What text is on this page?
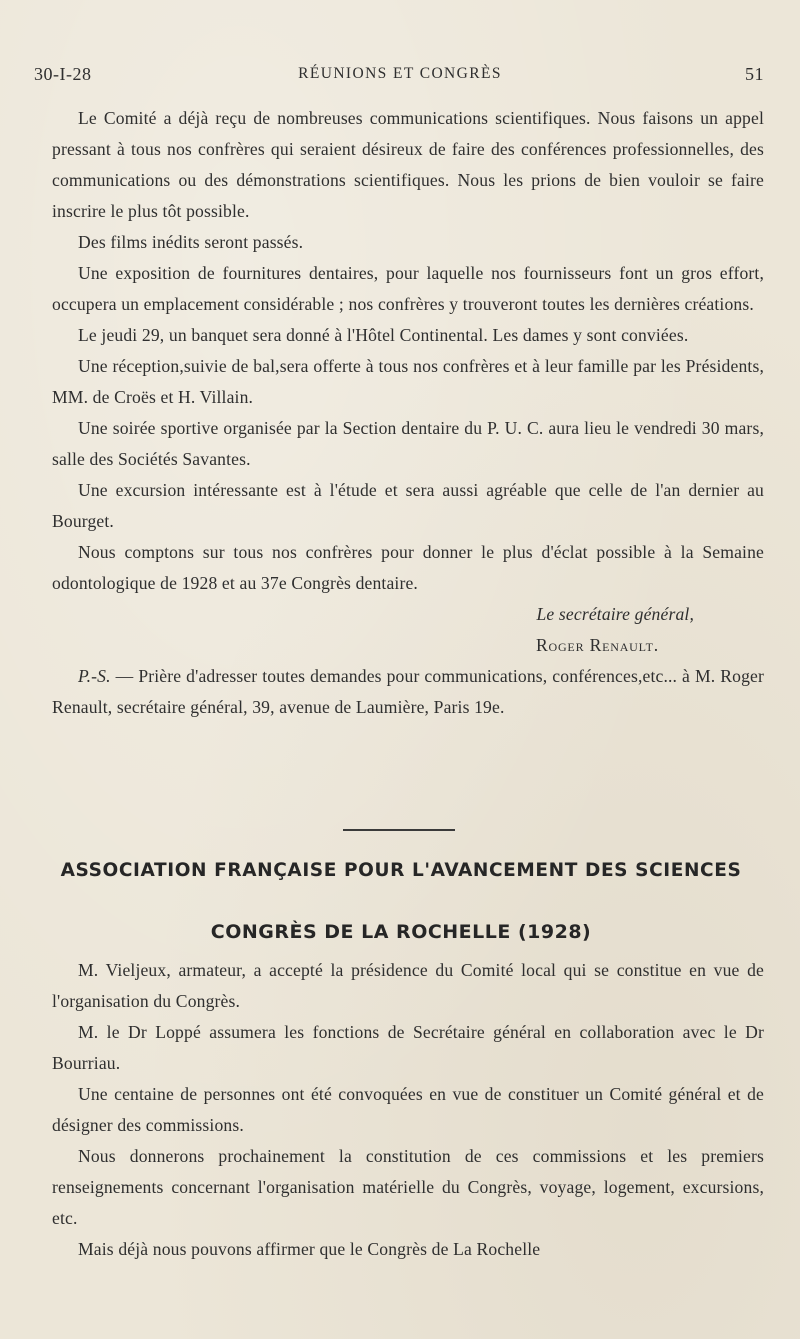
30-I-28	RÉUNIONS ET CONGRÈS	51

Le Comité a déjà reçu de nombreuses communications scientifiques. Nous faisons un appel pressant à tous nos confrères qui seraient désireux de faire des conférences professionnelles, des communications ou des démonstrations scientifiques. Nous les prions de bien vouloir se faire inscrire le plus tôt possible.

Des films inédits seront passés.

Une exposition de fournitures dentaires, pour laquelle nos fournisseurs font un gros effort, occupera un emplacement considérable ; nos confrères y trouveront toutes les dernières créations.

Le jeudi 29, un banquet sera donné à l'Hôtel Continental. Les dames y sont conviées.

Une réception,suivie de bal,sera offerte à tous nos confrères et à leur famille par les Présidents, MM. de Croës et H. Villain.

Une soirée sportive organisée par la Section dentaire du P. U. C. aura lieu le vendredi 30 mars, salle des Sociétés Savantes.

Une excursion intéressante est à l'étude et sera aussi agréable que celle de l'an dernier au Bourget.

Nous comptons sur tous nos confrères pour donner le plus d'éclat possible à la Semaine odontologique de 1928 et au 37e Congrès dentaire.

Le secrétaire général,

Roger Renault.

P.-S. — Prière d'adresser toutes demandes pour communications, conférences,etc... à M. Roger Renault, secrétaire général, 39, avenue de Laumière, Paris 19e.

ASSOCIATION FRANÇAISE POUR L'AVANCEMENT DES SCIENCES
CONGRÈS DE LA ROCHELLE (1928)

M. Vieljeux, armateur, a accepté la présidence du Comité local qui se constitue en vue de l'organisation du Congrès.

M. le Dr Loppé assumera les fonctions de Secrétaire général en collaboration avec le Dr Bourriau.

Une centaine de personnes ont été convoquées en vue de constituer un Comité général et de désigner des commissions.

Nous donnerons prochainement la constitution de ces commissions et les premiers renseignements concernant l'organisation matérielle du Congrès, voyage, logement, excursions, etc.

Mais déjà nous pouvons affirmer que le Congrès de La Rochelle
